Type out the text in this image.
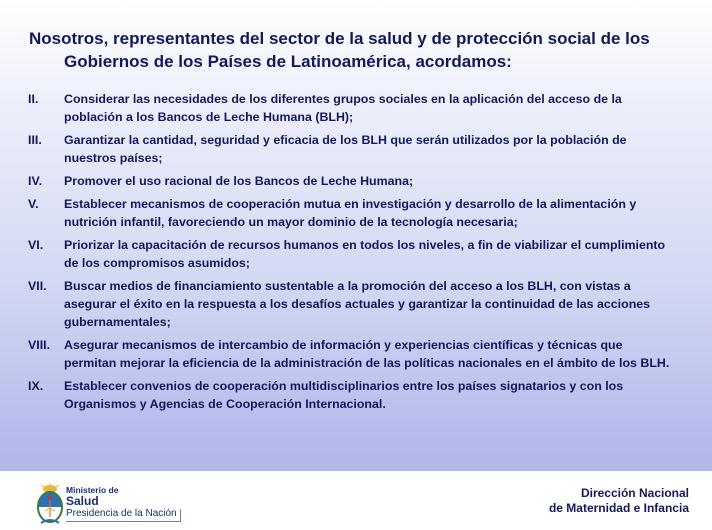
Nosotros, representantes del sector de la salud y de protección social de los
Gobiernos de los Países de Latinoamérica, acordamos:
II.	Considerar las necesidades de los diferentes grupos sociales en la aplicación del acceso de la población a los Bancos de Leche Humana (BLH);
III.	Garantizar la cantidad, seguridad y eficacia de los BLH que serán utilizados por la población de nuestros países;
IV.	Promover el uso racional de los Bancos de Leche Humana;
V.	Establecer mecanismos de cooperación mutua en investigación y desarrollo de la alimentación y nutrición infantil, favoreciendo un mayor dominio de la tecnología necesaria;
VI.	Priorizar la capacitación de recursos humanos en todos los niveles, a fin de viabilizar el cumplimiento de los compromisos asumidos;
VII.	Buscar medios de financiamiento sustentable a la promoción del acceso a los BLH, con vistas a asegurar el éxito en la respuesta a los desafíos actuales y garantizar la continuidad de las acciones gubernamentales;
VIII.	Asegurar mecanismos de intercambio de información y experiencias científicas y técnicas que permitan mejorar la eficiencia de la administración de las políticas nacionales en el ámbito de los BLH.
IX.	Establecer convenios de cooperación multidisciplinarios entre los países signatarios y con los Organismos y Agencias de Cooperación Internacional.
Ministerio de
Salud
Presidencia de la Nación
Dirección Nacional
de Maternidad e Infancia
